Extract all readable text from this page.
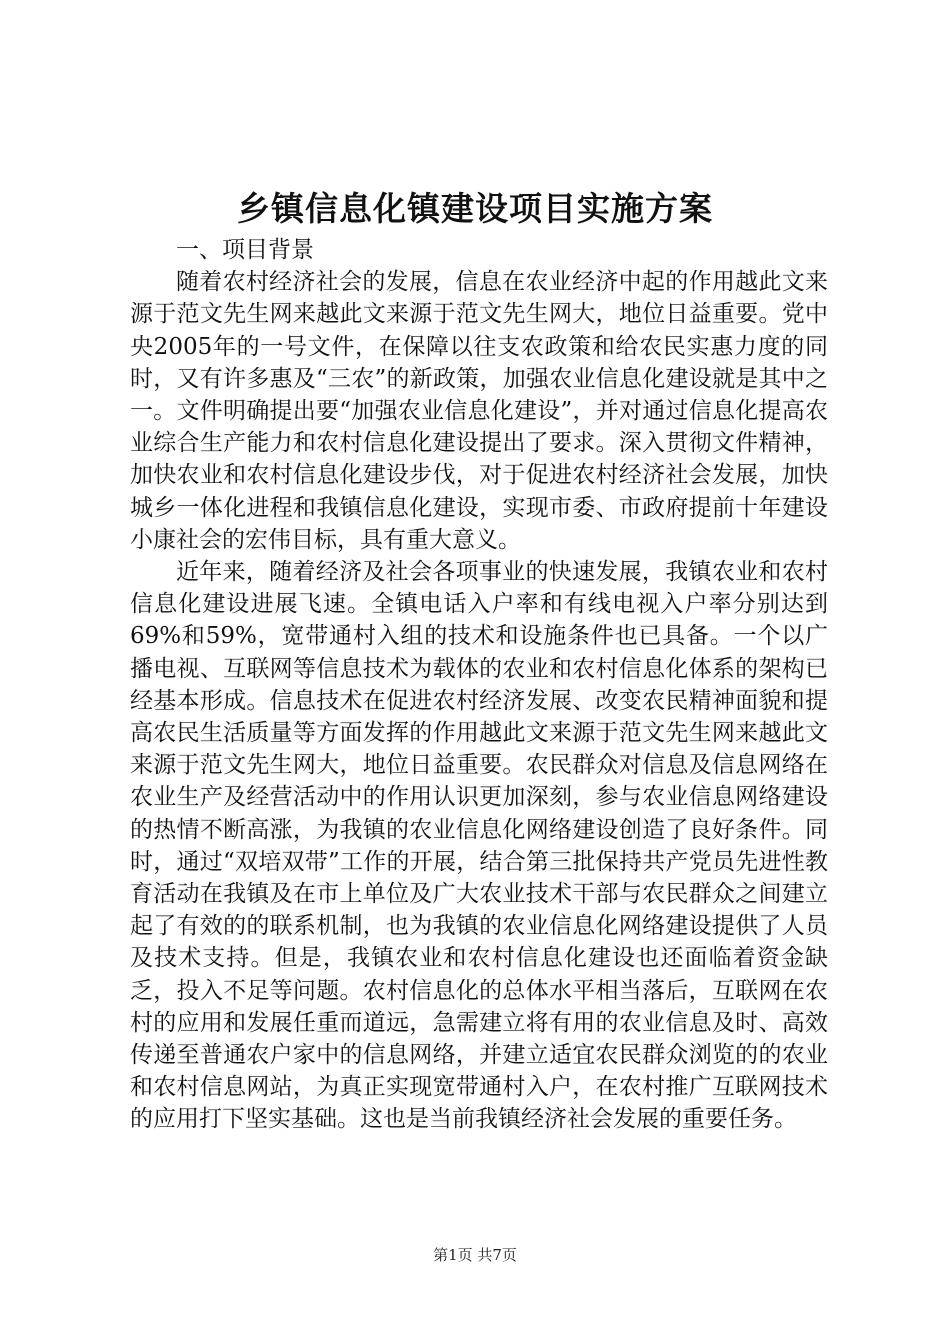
乡镇信息化镇建设项目实施方案

一、项目背景

随着农村经济社会的发展，信息在农业经济中起的作用越此文来源于范文先生网来越此文来源于范文先生网大，地位日益重要。党中央2005年的一号文件，在保障以往支农政策和给农民实惠力度的同时，又有许多惠及“三农”的新政策，加强农业信息化建设就是其中之一。文件明确提出要“加强农业信息化建设”，并对通过信息化提高农业综合生产能力和农村信息化建设提出了要求。深入贯彻文件精神，加快农业和农村信息化建设步伐，对于促进农村经济社会发展，加快城乡一体化进程和我镇信息化建设，实现市委、市政府提前十年建设小康社会的宏伟目标，具有重大意义。

近年来，随着经济及社会各项事业的快速发展，我镇农业和农村信息化建设进展飞速。全镇电话入户率和有线电视入户率分别达到69%和59%，宽带通村入组的技术和设施条件也已具备。一个以广播电视、互联网等信息技术为载体的农业和农村信息化体系的架构已经基本形成。信息技术在促进农村经济发展、改变农民精神面貌和提高农民生活质量等方面发挥的作用越此文来源于范文先生网来越此文来源于范文先生网大，地位日益重要。农民群众对信息及信息网络在农业生产及经营活动中的作用认识更加深刻，参与农业信息网络建设的热情不断高涨，为我镇的农业信息化网络建设创造了良好条件。同时，通过“双培双带”工作的开展，结合第三批保持共产党员先进性教育活动在我镇及在市上单位及广大农业技术干部与农民群众之间建立起了有效的的联系机制，也为我镇的农业信息化网络建设提供了人员及技术支持。但是，我镇农业和农村信息化建设也还面临着资金缺乏，投入不足等问题。农村信息化的总体水平相当落后，互联网在农村的应用和发展任重而道远，急需建立将有用的农业信息及时、高效传递至普通农户家中的信息网络，并建立适宜农民群众浏览的的农业和农村信息网站，为真正实现宽带通村入户，在农村推广互联网技术的应用打下坚实基础。这也是当前我镇经济社会发展的重要任务。

第1页 共7页
